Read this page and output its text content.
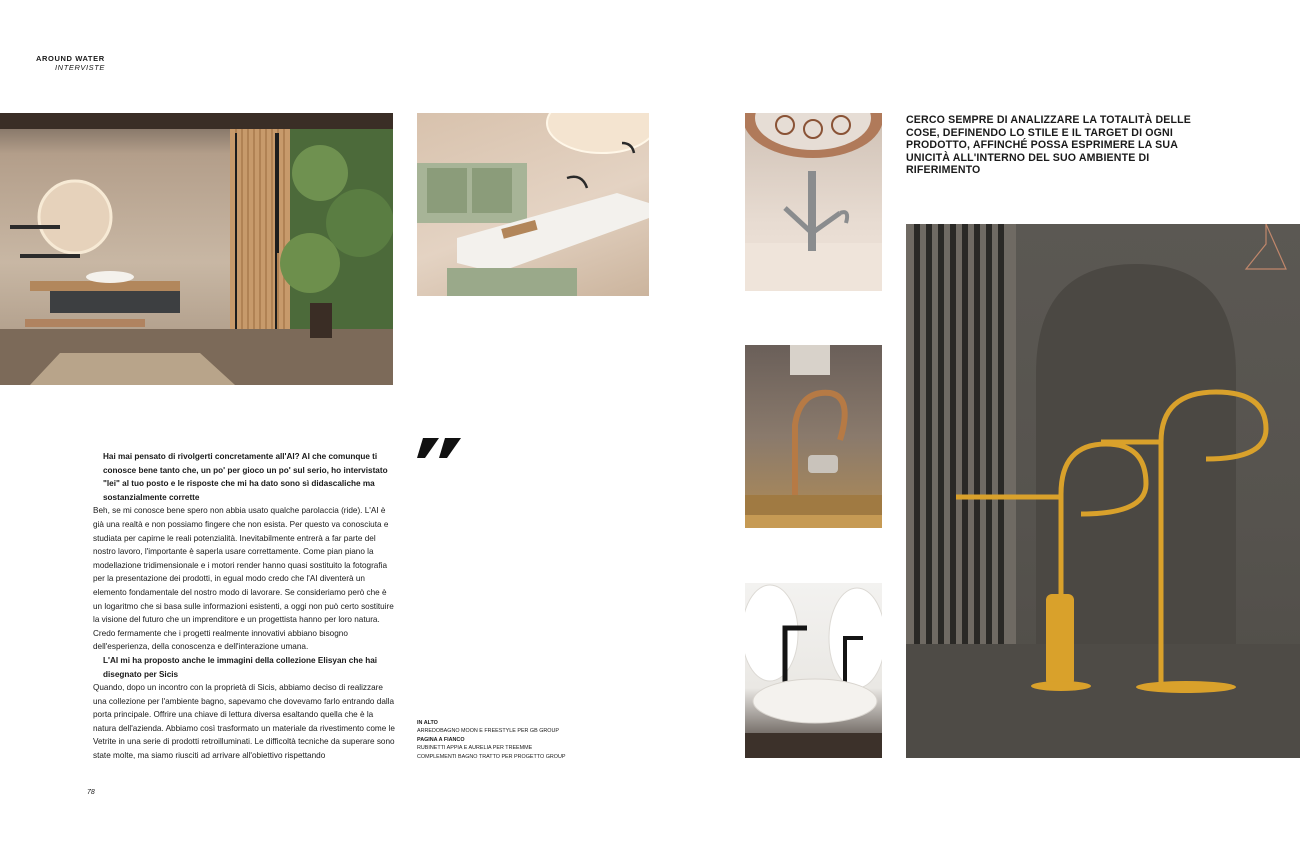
AROUND WATER
INTERVISTE
CERCO SEMPRE DI ANALIZZARE LA TOTALITÀ DELLE COSE, DEFINENDO LO STILE E IL TARGET DI OGNI PRODOTTO, AFFINCHÉ POSSA ESPRIMERE LA SUA UNICITÀ ALL'INTERNO DEL SUO AMBIENTE DI RIFERIMENTO

Hai mai pensato di rivolgerti concretamente all'AI? AI che comunque ti conosce bene tanto che, un po' per gioco un po' sul serio, ho intervistato "lei" al tuo posto e le risposte che mi ha dato sono sì didascaliche ma sostanzialmente corrette

Beh, se mi conosce bene spero non abbia usato qualche parolaccia (ride). L'AI è già una realtà e non possiamo fingere che non esista. Per questo va conosciuta e studiata per capirne le reali potenzialità. Inevitabilmente entrerà a far parte del nostro lavoro, l'importante è saperla usare correttamente. Come pian piano la modellazione tridimensionale e i motori render hanno quasi sostituito la fotografia per la presentazione dei prodotti, in egual modo credo che l'AI diventerà un elemento fondamentale del nostro modo di lavorare. Se consideriamo però che è un logaritmo che si basa sulle informazioni esistenti, a oggi non può certo sostituire la visione del futuro che un imprenditore e un progettista hanno per loro natura. Credo fermamente che i progetti realmente innovativi abbiano bisogno dell'esperienza, della conoscenza e dell'interazione umana.

L'AI mi ha proposto anche le immagini della collezione Elisyan che hai disegnato per Sicis

Quando, dopo un incontro con la proprietà di Sicis, abbiamo deciso di realizzare una collezione per l'ambiente bagno, sapevamo che dovevamo farlo entrando dalla porta principale. Offrire una chiave di lettura diversa esaltando quella che è la natura dell'azienda. Abbiamo così trasformato un materiale da rivestimento come le Vetrite in una serie di prodotti retroilluminati. Le difficoltà tecniche da superare sono state molte, ma siamo riusciti ad arrivare all'obiettivo rispettando

IN ALTO
ARREDOBAGNO MOON E FREESTYLE PER GB GROUP
PAGINA A FIANCO
RUBINETTI APPIA E AURELIA PER TREEMME
COMPLEMENTI BAGNO TRATTO PER PROGETTO GROUP
78
